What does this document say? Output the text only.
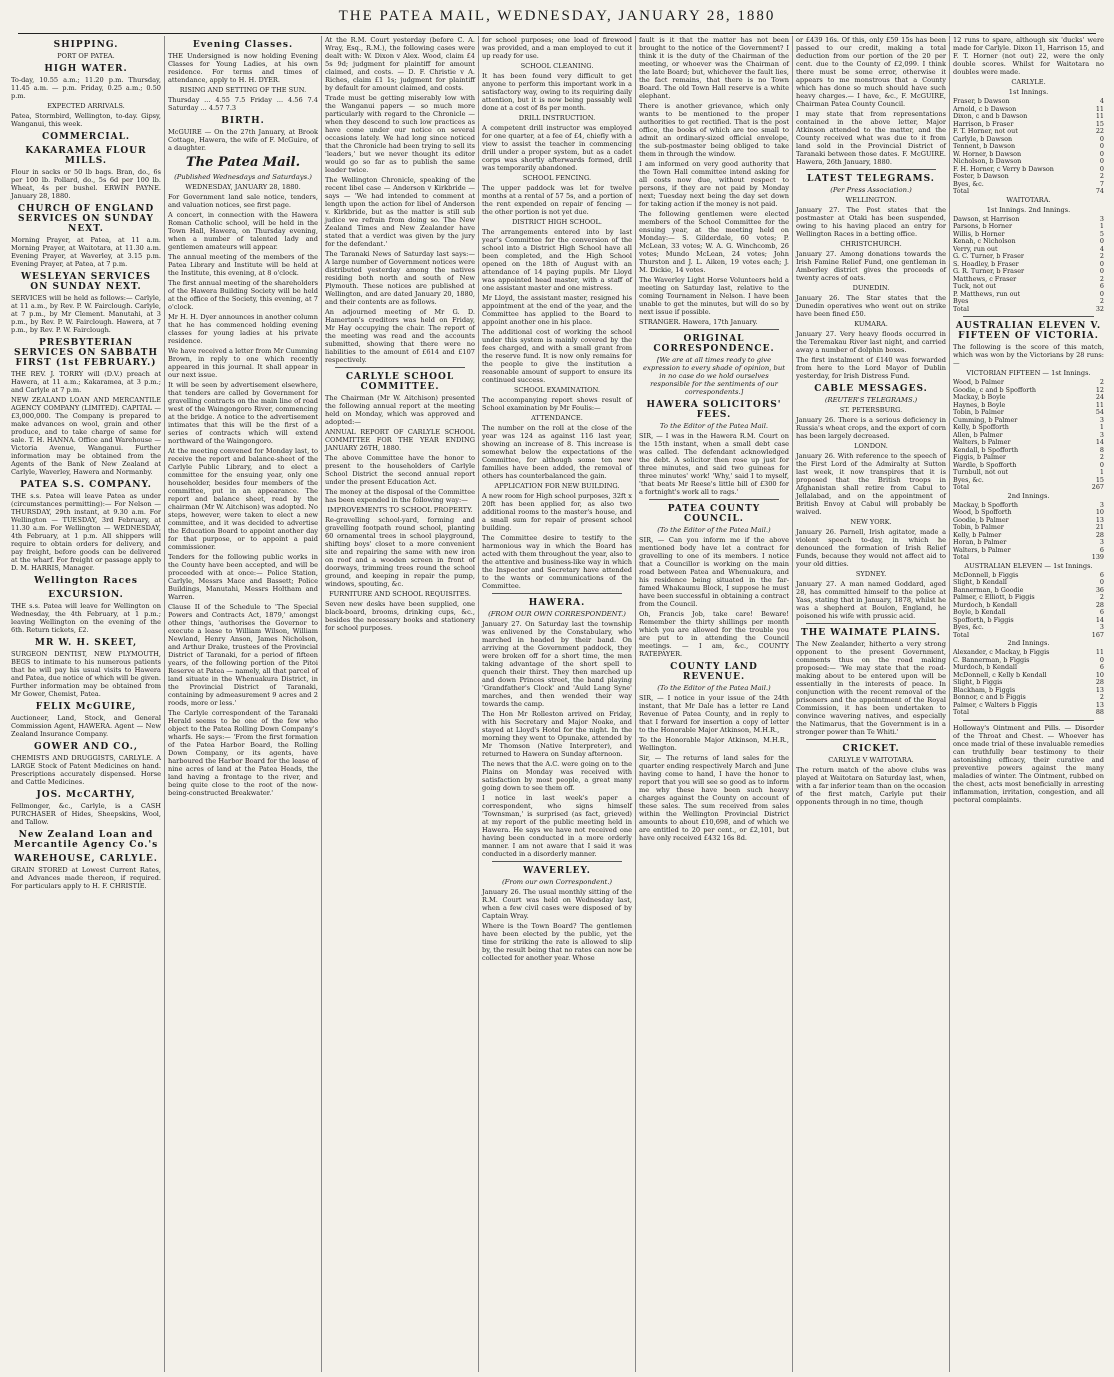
THE PATEA MAIL, WEDNESDAY, JANUARY 28, 1880
SHIPPING.
PORT OF PATEA.
HIGH WATER.
To-day, 10.55 a.m.; 11.20 p.m. Thursday, 11.45 a.m. — p.m. Friday, 0.25 a.m.; 0.50 p.m.
EXPECTED ARRIVALS.
Patea, Stormbird, Wellington, to-day. Gipsy, Wanganui, this week.
COMMERCIAL.
KAKARAMEA FLOUR MILLS.
Flour in sacks or 50 lb bags. Bran, do., 6s per 100 lb. Pollard, do., 5s 6d per 100 lb. Wheat, 4s per bushel. ERWIN PAYNE. January 28, 1880.
CHURCH OF ENGLAND SERVICES ON SUNDAY NEXT.
Morning Prayer, at Patea, at 11 a.m. Morning Prayer, at Waitotara, at 11.30 a.m. Evening Prayer, at Waverley, at 3.15 p.m. Evening Prayer, at Patea, at 7 p.m.
WESLEYAN SERVICES ON SUNDAY NEXT.
SERVICES will be held as follows:— Carlyle, at 11 a.m., by Rev. P. W. Fairclough. Carlyle, at 7 p.m., by Mr Clement. Manutahi, at 3 p.m., by Rev. P. W. Fairclough. Hawera, at 7 p.m., by Rev. P. W. Fairclough.
PRESBYTERIAN SERVICES ON SABBATH FIRST (1st FEBRUARY.)
THE REV. J. TORRY will (D.V.) preach at Hawera, at 11 a.m.; Kakaramea, at 3 p.m.; and Carlyle at 7 p.m.
NEW ZEALAND LOAN AND MERCANTILE AGENCY COMPANY (LIMITED). CAPITAL — £3,000,000. The Company is prepared to make advances on wool, grain and other produce, and to take charge of same for sale. T. H. HANNA. Office and Warehouse — Victoria Avenue, Wanganui. Further information may be obtained from the Agents of the Bank of New Zealand at Carlyle, Waverley, Hawera and Normanby.
PATEA S.S. COMPANY.
THE s.s. Patea will leave Patea as under (circumstances permitting):— For Nelson — THURSDAY, 29th instant, at 9.30 a.m. For Wellington — TUESDAY, 3rd February, at 11.30 a.m. For Wellington — WEDNESDAY, 4th February, at 1 p.m. All shippers will require to obtain orders for delivery, and pay freight, before goods can be delivered at the wharf. For freight or passage apply to D. M. HARRIS, Manager.
Wellington Races
EXCURSION.
THE s.s. Patea will leave for Wellington on Wednesday, the 4th February, at 1 p.m.; leaving Wellington on the evening of the 6th. Return tickets, £2.
MR W. H. SKEET,
SURGEON DENTIST, NEW PLYMOUTH, BEGS to intimate to his numerous patients that he will pay his usual visits to Hawera and Patea, due notice of which will be given. Further information may be obtained from Mr Gower, Chemist, Patea.
FELIX McGUIRE,
Auctioneer, Land, Stock, and General Commission Agent, HAWERA. Agent — New Zealand Insurance Company.
GOWER AND CO.,
CHEMISTS AND DRUGGISTS, CARLYLE. A LARGE Stock of Patent Medicines on hand. Prescriptions accurately dispensed. Horse and Cattle Medicines.
JOS. McCARTHY,
Fellmonger, &c., Carlyle, is a CASH PURCHASER of Hides, Sheepskins, Wool, and Tallow.
New Zealand Loan and Mercantile Agency Co.'s
WAREHOUSE, CARLYLE.
GRAIN STORED at Lowest Current Rates, and Advances made thereon, if required. For particulars apply to H. F. CHRISTIE.
Evening Classes.
THE Undersigned is now holding Evening Classes for Young Ladies, at his own residence. For terms and times of attendance, apply to H. H. DYER.
RISING AND SETTING OF THE SUN.
Thursday ... 4.55 7.5 Friday ... 4.56 7.4 Saturday ... 4.57 7.3
BIRTH.
McGUIRE — On the 27th January, at Brook Cottage, Hawera, the wife of F. McGuire, of a daughter.
The Patea Mail.
(Published Wednesdays and Saturdays.)
WEDNESDAY, JANUARY 28, 1880.
For Government land sale notice, tenders, and valuation notices, see first page.
A concert, in connection with the Hawera Roman Catholic school, will be held in the Town Hall, Hawera, on Thursday evening, when a number of talented lady and gentlemen amateurs will appear.
The annual meeting of the members of the Patea Library and Institute will be held at the Institute, this evening, at 8 o'clock.
The first annual meeting of the shareholders of the Hawera Building Society will be held at the office of the Society, this evening, at 7 o'clock.
Mr H. H. Dyer announces in another column that he has commenced holding evening classes for young ladies at his private residence.
We have received a letter from Mr Cumming Brown, in reply to one which recently appeared in this journal. It shall appear in our next issue.
It will be seen by advertisement elsewhere, that tenders are called by Government for gravelling contracts on the main line of road west of the Waingongoro River, commencing at the bridge. A notice to the advertisement intimates that this will be the first of a series of contracts which will extend northward of the Waingongoro.
At the meeting convened for Monday last, to receive the report and balance-sheet of the Carlyle Public Library, and to elect a committee for the ensuing year, only one householder, besides four members of the committee, put in an appearance. The report and balance sheet, read by the chairman (Mr W. Aitchison) was adopted. No steps, however, were taken to elect a new committee, and it was decided to advertise the Education Board to appoint another day for that purpose, or to appoint a paid commissioner.
Tenders for the following public works in the County have been accepted, and will be proceeded with at once:— Police Station, Carlyle, Messrs Mace and Bassett; Police Buildings, Manutahi, Messrs Holtham and Warren.
Clause II of the Schedule to 'The Special Powers and Contracts Act, 1879,' amongst other things, 'authorises the Governor to execute a lease to William Wilson, William Newland, Henry Anson, James Nicholson, and Arthur Drake, trustees of the Provincial District of Taranaki, for a period of fifteen years, of the following portion of the Pitoi Reserve at Patea — namely, all that parcel of land situate in the Whenuakura District, in the Provincial District of Taranaki, containing by admeasurement 9 acres and 2 roods, more or less.'
The Carlyle correspondent of the Taranaki Herald seems to be one of the few who object to the Patea Rolling Down Company's wharfs. He says:— 'From the first formation of the Patea Harbor Board, the Rolling Down Company, or its agents, have harboured the Harbor Board for the lease of nine acres of land at the Patea Heads, the land having a frontage to the river, and being quite close to the root of the now-being-constructed Breakwater.'
At the R.M. Court yesterday (before C. A. Wray, Esq., R.M.), the following cases were dealt with: W. Dixon v Alex. Wood, claim £4 5s 9d; judgment for plaintiff for amount claimed, and costs. — D. F. Christie v A. Riches, claim £1 1s; judgment for plaintiff by default for amount claimed, and costs.
Trade must be getting miserably low with the Wanganui papers — so much more particularly with regard to the Chronicle — when they descend to such low practices as have come under our notice on several occasions lately. We had long since noticed that the Chronicle had been trying to sell its 'leaders,' but we never thought its editor would go so far as to publish the same leader twice.
The Wellington Chronicle, speaking of the recent libel case — Anderson v Kirkbride — says — 'We had intended to comment at length upon the action for libel of Anderson v. Kirkbride, but as the matter is still sub judice we refrain from doing so. The New Zealand Times and New Zealander have stated that a verdict was given by the jury for the defendant.'
The Taranaki News of Saturday last says:— A large number of Government notices were distributed yesterday among the natives residing both north and south of New Plymouth. These notices are published at Wellington, and are dated January 20, 1880, and their contents are as follows.
An adjourned meeting of Mr G. D. Hamerton's creditors was held on Friday, Mr Hay occupying the chair. The report of the meeting was read and the accounts submitted, showing that there were no liabilities to the amount of £614 and £107 respectively.
CARLYLE SCHOOL COMMITTEE.
The Chairman (Mr W. Aitchison) presented the following annual report at the meeting held on Monday, which was approved and adopted:—
ANNUAL REPORT OF CARLYLE SCHOOL COMMITTEE FOR THE YEAR ENDING JANUARY 26TH, 1880.
The above Committee have the honor to present to the householders of Carlyle School District the second annual report under the present Education Act.
The money at the disposal of the Committee has been expended in the following way:—
IMPROVEMENTS TO SCHOOL PROPERTY.
Re-gravelling school-yard, forming and gravelling footpath round school, planting 60 ornamental trees in school playground, shifting boys' closet to a more convenient site and repairing the same with new iron on roof and a wooden screen in front of doorways, trimming trees round the school ground, and keeping in repair the pump, windows, spouting, &c.
FURNITURE AND SCHOOL REQUISITES.
Seven new desks have been supplied, one black-board, brooms, drinking cups, &c., besides the necessary books and stationery for school purposes.
for school purposes; one load of firewood was provided, and a man employed to cut it up ready for use.
SCHOOL CLEANING.
It has been found very difficult to get anyone to perform this important work in a satisfactory way, owing to its requiring daily attention, but it is now being passably well done at a cost of 8s per month.
DRILL INSTRUCTION.
A competent drill instructor was employed for one quarter, at a fee of £4, chiefly with a view to assist the teacher in commencing drill under a proper system, but as a cadet corps was shortly afterwards formed, drill was temporarily abandoned.
SCHOOL FENCING.
The upper paddock was let for twelve months at a rental of 57 5s, and a portion of the rent expended on repair of fencing — the other portion is not yet due.
DISTRICT HIGH SCHOOL.
The arrangements entered into by last year's Committee for the conversion of the school into a District High School have all been completed, and the High School opened on the 18th of August with an attendance of 14 paying pupils. Mr Lloyd was appointed head master, with a staff of one assistant master and one mistress.
Mr Lloyd, the assistant master, resigned his appointment at the end of the year, and the Committee has applied to the Board to appoint another one in his place.
The additional cost of working the school under this system is mainly covered by the fees charged, and with a small grant from the reserve fund. It is now only remains for the people to give the institution a reasonable amount of support to ensure its continued success.
SCHOOL EXAMINATION.
The accompanying report shows result of School examination by Mr Foulis:—
ATTENDANCE.
The number on the roll at the close of the year was 124 as against 116 last year, showing an increase of 8. This increase is somewhat below the expectations of the Committee, for although some ten new families have been added, the removal of others has counterbalanced the gain.
APPLICATION FOR NEW BUILDING.
A new room for High school purposes, 32ft x 20ft has been applied for, as also two additional rooms to the master's house, and a small sum for repair of present school building.
The Committee desire to testify to the harmonious way in which the Board has acted with them throughout the year, also to the attentive and business-like way in which the Inspector and Secretary have attended to the wants or communications of the Committee.
HAWERA.
(FROM OUR OWN CORRESPONDENT.)
January 27. On Saturday last the township was enlivened by the Constabulary, who marched in headed by their band. On arriving at the Government paddock, they were broken off for a short time, the men taking advantage of the short spell to quench their thirst. They then marched up and down Princes street, the band playing 'Grandfather's Clock' and 'Auld Lang Syne' marches, and then wended their way towards the camp.
The Hon Mr Rolleston arrived on Friday, with his Secretary and Major Noake, and stayed at Lloyd's Hotel for the night. In the morning they went to Opunake, attended by Mr Thomson (Native Interpreter), and returned to Hawera on Sunday afternoon.
The news that the A.C. were going on to the Plains on Monday was received with satisfaction by most people, a great many going down to see them off.
I notice in last week's paper a correspondent, who signs himself 'Townsman,' is surprised (as fact, grieved) at my report of the public meeting held in Hawera. He says we have not received one having been conducted in a more orderly manner. I am not aware that I said it was conducted in a disorderly manner.
WAVERLEY.
(From our own Correspondent.)
January 26. The usual monthly sitting of the R.M. Court was held on Wednesday last, when a few civil cases were disposed of by Captain Wray.
Where is the Town Board? The gentlemen have been elected by the public, yet the time for striking the rate is allowed to slip by, the result being that no rates can now be collected for another year. Whose
fault is it that the matter has not been brought to the notice of the Government? I think it is the duty of the Chairman of the meeting, or whoever was the Chairman of the late Board; but, whichever the fault lies, the fact remains, that there is no Town Board. The old Town Hall reserve is a white elephant.
There is another grievance, which only wants to be mentioned to the proper authorities to get rectified. That is the post office, the books of which are too small to admit an ordinary-sized official envelope, the sub-postmaster being obliged to take them in through the window.
I am informed on very good authority that the Town Hall committee intend asking for all costs now due, without respect to persons, if they are not paid by Monday next; Tuesday next being the day set down for taking action if the money is not paid.
The following gentlemen were elected members of the School Committee for the ensuing year, at the meeting held on Monday:— S. Gilderdale, 60 votes; P. McLean, 33 votes; W. A. G. Winchcomb, 26 votes; Mundo McLean, 24 votes; John Thurston and J. L. Aiken, 19 votes each; J. M. Dickie, 14 votes.
The Waverley Light Horse Volunteers held a meeting on Saturday last, relative to the coming Tournament in Nelson. I have been unable to get the minutes, but will do so by next issue if possible.
STRANGER. Hawera, 17th January.
ORIGINAL CORRESPONDENCE.
[We are at all times ready to give expression to every shade of opinion, but in no case do we hold ourselves responsible for the sentiments of our correspondents.]
HAWERA SOLICITORS' FEES.
To the Editor of the Patea Mail.
SIR, — I was in the Hawera R.M. Court on the 15th instant, when a small debt case was called. The defendant acknowledged the debt. A solicitor then rose up just for three minutes, and said two guineas for three minutes' work! 'Why,' said I to myself, 'that beats Mr Reese's little bill of £300 for a fortnight's work all to rags.'
PATEA COUNTY COUNCIL.
(To the Editor of the Patea Mail.)
SIR, — Can you inform me if the above mentioned body have let a contract for gravelling to one of its members. I notice that a Councillor is working on the main road between Patea and Whenuakura, and his residence being situated in the far-famed Whakaumu Block, I suppose he must have been successful in obtaining a contract from the Council.
Oh, Francis Job, take care! Beware! Remember the thirty shillings per month which you are allowed for the trouble you are put to in attending the Council meetings. — I am, &c., COUNTY RATEPAYER.
COUNTY LAND REVENUE.
(To the Editor of the Patea Mail.)
SIR, — I notice in your issue of the 24th instant, that Mr Dale has a letter re Land Revenue of Patea County, and in reply to that I forward for insertion a copy of letter to the Honorable Major Atkinson, M.H.R.,
To the Honorable Major Atkinson, M.H.R., Wellington.
Sir, — The returns of land sales for the quarter ending respectively March and June having come to hand, I have the honor to report that you will see so good as to inform me why these have been such heavy charges against the County on account of these sales. The sum received from sales within the Wellington Provincial District amounts to about £10,698, and of which we are entitled to 20 per cent., or £2,101, but have only received £432 16s 8d.
or £439 16s. Of this, only £59 15s has been passed to our credit, making a total deduction from our portion of the 20 per cent. due to the County of £2,099. I think there must be some error, otherwise it appears to me monstrous that a County which has done so much should have such heavy charges.— I have, &c., F. McGUIRE, Chairman Patea County Council.
I may state that from representations contained in the above letter, Major Atkinson attended to the matter, and the County received what was due to it from land sold in the Provincial District of Taranaki between those dates. F. McGUIRE. Hawera, 26th January, 1880.
LATEST TELEGRAMS.
(Per Press Association.)
WELLINGTON.
January 27. The Post states that the postmaster at Otaki has been suspended, owing to his having placed an entry for Wellington Races in a betting office.
CHRISTCHURCH.
January 27. Among donations towards the Irish Famine Relief Fund, one gentleman in Amberley district gives the proceeds of twenty acres of oats.
DUNEDIN.
January 26. The Star states that the Dunedin operatives who went out on strike have been fined £50.
KUMARA.
January 27. Very heavy floods occurred in the Teremakau River last night, and carried away a number of dolphin boxes.
The first instalment of £140 was forwarded from here to the Lord Mayor of Dublin yesterday, for Irish Distress Fund.
CABLE MESSAGES.
(REUTER'S TELEGRAMS.)
ST. PETERSBURG.
January 26. There is a serious deficiency in Russia's wheat crops, and the export of corn has been largely decreased.
LONDON.
January 26. With reference to the speech of the First Lord of the Admiralty at Sutton last week, it now transpires that it is proposed that the British troops in Afghanistan shall retire from Cabul to Jellalabad, and on the appointment of British Envoy at Cabul will probably be waived.
NEW YORK.
January 26. Parnell, Irish agitator, made a violent speech to-day, in which he denounced the formation of Irish Relief Funds, because they would not affect aid to your old ditties.
SYDNEY.
January 27. A man named Goddard, aged 28, has committed himself to the police at Yass, stating that in January, 1878, whilst he was a shepherd at Boulon, England, he poisoned his wife with prussic acid.
THE WAIMATE PLAINS.
The New Zealander, hitherto a very strong opponent to the present Government, comments thus on the road making proposed:— 'We may state that the road-making about to be entered upon will be essentially in the interests of peace. In conjunction with the recent removal of the prisoners and the appointment of the Royal Commission, it has been undertaken to convince wavering natives, and especially the Natimarus, that the Government is in a stronger power than Te Whiti.'
CRICKET.
CARLYLE V WAITOTARA.
The return match of the above clubs was played at Waitotara on Saturday last, when, with a far inferior team than on the occasion of the first match, Carlyle put their opponents through in no time, though
12 runs to spare, although six 'ducks' were made for Carlyle. Dixon 11, Harrison 15, and F. T. Horner (not out) 22, were the only double scores. Whilst for Waitotara no doubles were made.
CARLYLE.
1st Innings.
Fraser, b Dawson	4
Arnold, c b Dawson	11
Dixon, c and b Dawson	11
Harrison, b Fraser	15
F. T. Horner, not out	22
Carlyle, b Dawson	0
Tennent, b Dawson	0
W. Horner, b Dawson	0
Nicholson, b Dawson	0
F. H. Horner, c Verry b Dawson	0
Foster, b Dawson	2
Byes, &c.	7
Total	74
WAITOTARA.
1st Innings. 2nd Innings.
Dawson, st Harrison	3
Parsons, b Horner	1
Willis, b Horner	5
Kenah, c Nicholson	0
Verry, run out	4
G. C. Turner, b Fraser	2
S. Hoadley, b Fraser	0
G. R. Turner, b Fraser	0
Matthews, c Fraser	2
Tuck, not out	6
P. Matthews, run out	0
Byes	2
Total	32
AUSTRALIAN ELEVEN V. FIFTEEN OF VICTORIA.
The following is the score of this match, which was won by the Victorians by 28 runs:—
VICTORIAN FIFTEEN — 1st Innings.
Wood, b Palmer	2
Goodie, c and b Spofforth	12
Mackay, b Boyle	24
Haynes, b Boyle	11
Tobin, b Palmer	54
Cumming, b Palmer	3
Kelly, b Spofforth	1
Allen, b Palmer	3
Walters, b Palmer	14
Kendall, b Spofforth	8
Figgis, b Palmer	2
Wardle, b Spofforth	0
Turnbull, not out	1
Byes, &c.	15
Total	267
2nd Innings.
Mackay, b Spofforth	3
Wood, b Spofforth	10
Goodie, b Palmer	13
Tobin, b Palmer	21
Kelly, b Palmer	28
Horan, b Palmer	3
Walters, b Palmer	6
Total	139
AUSTRALIAN ELEVEN — 1st Innings.
McDonnell, b Figgis	6
Slight, b Kendall	0
Bannerman, b Goodie	36
Palmer, c Elliott, b Figgis	2
Murdoch, b Kendall	28
Boyle, b Kendall	6
Spofforth, b Figgis	14
Byes, &c.	3
Total	167
2nd Innings.
Alexander, c Mackay, b Figgis	11
C. Bannerman, b Figgis	0
Murdoch, b Kendall	6
McDonnell, c Kelly b Kendall	10
Slight, b Figgis	28
Blackham, b Figgis	13
Bonnor, c and b Figgis	2
Palmer, c Walters b Figgis	13
Total	88
Holloway's Ointment and Pills. — Disorder of the Throat and Chest. — Whoever has once made trial of these invaluable remedies can truthfully bear testimony to their astonishing efficacy, their curative and preventive powers against the many maladies of winter. The Ointment, rubbed on the chest, acts most beneficially in arresting inflammation, irritation, congestion, and all pectoral complaints.
